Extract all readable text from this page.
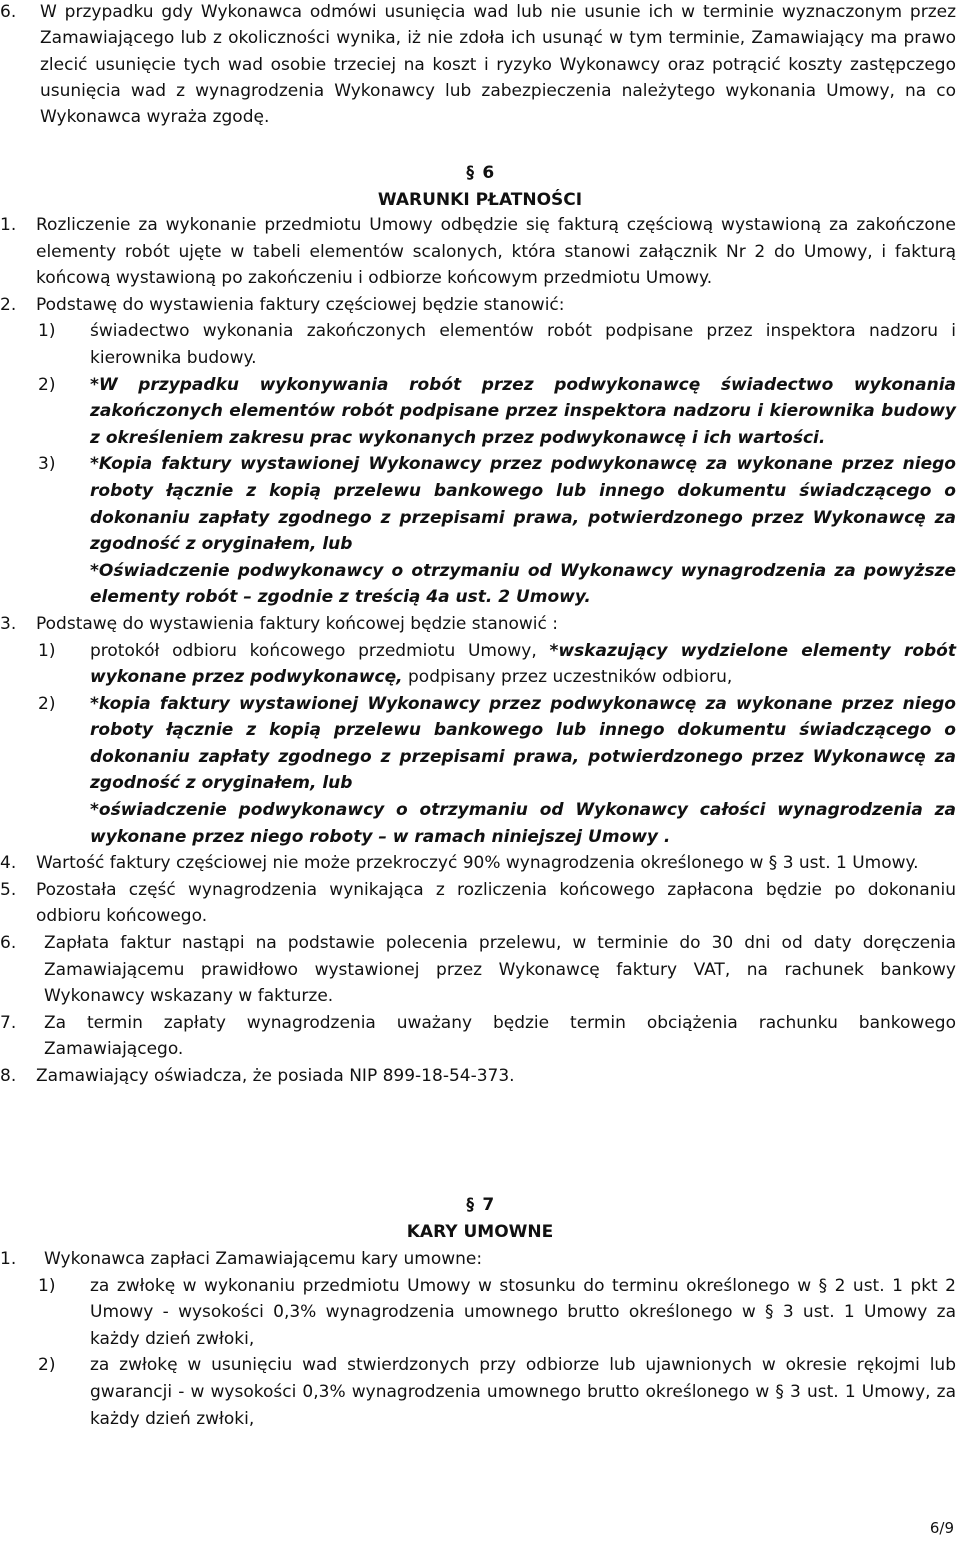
6. W przypadku gdy Wykonawca odmówi usunięcia wad lub nie usunie ich w terminie wyznaczonym przez Zamawiającego lub z okoliczności wynika, iż nie zdoła ich usunąć w tym terminie, Zamawiający ma prawo zlecić usunięcie tych wad osobie trzeciej na koszt i ryzyko Wykonawcy oraz potrącić koszty zastępczego usunięcia wad z wynagrodzenia Wykonawcy lub zabezpieczenia należytego wykonania Umowy, na co Wykonawca wyraża zgodę.
§ 6
WARUNKI PŁATNOŚCI
1. Rozliczenie za wykonanie przedmiotu Umowy odbędzie się fakturą częściową wystawioną za zakończone elementy robót ujęte w tabeli elementów scalonych, która stanowi załącznik Nr 2 do Umowy, i fakturą końcową wystawioną po zakończeniu i odbiorze końcowym przedmiotu Umowy.
2. Podstawę do wystawienia faktury częściowej będzie stanowić:
1) świadectwo wykonania zakończonych elementów robót podpisane przez inspektora nadzoru i kierownika budowy.
2) *W przypadku wykonywania robót przez podwykonawcę świadectwo wykonania zakończonych elementów robót podpisane przez inspektora nadzoru i kierownika budowy z określeniem zakresu prac wykonanych przez podwykonawcę i ich wartości.
3) *Kopia faktury wystawionej Wykonawcy przez podwykonawcę za wykonane przez niego roboty łącznie z kopią przelewu bankowego lub innego dokumentu świadczącego o dokonaniu zapłaty zgodnego z przepisami prawa, potwierdzonego przez Wykonawcę za zgodność z oryginałem, lub
*Oświadczenie podwykonawcy o otrzymaniu od Wykonawcy wynagrodzenia za powyższe elementy robót – zgodnie z treścią 4a ust. 2 Umowy.
3. Podstawę do wystawienia faktury końcowej będzie stanowić :
1) protokół odbioru końcowego przedmiotu Umowy, *wskazujący wydzielone elementy robót wykonane przez podwykonawcę, podpisany przez uczestników odbioru,
2) *kopia faktury wystawionej Wykonawcy przez podwykonawcę za wykonane przez niego roboty łącznie z kopią przelewu bankowego lub innego dokumentu świadczącego o dokonaniu zapłaty zgodnego z przepisami prawa, potwierdzonego przez Wykonawcę za zgodność z oryginałem, lub
*oświadczenie podwykonawcy o otrzymaniu od Wykonawcy całości wynagrodzenia za wykonane przez niego roboty – w ramach niniejszej Umowy .
4. Wartość faktury częściowej nie może przekroczyć 90% wynagrodzenia określonego w § 3 ust. 1 Umowy.
5. Pozostała część wynagrodzenia wynikająca z rozliczenia końcowego zapłacona będzie po dokonaniu odbioru końcowego.
6. Zapłata faktur nastąpi na podstawie polecenia przelewu, w terminie do 30 dni od daty doręczenia Zamawiającemu prawidłowo wystawionej przez Wykonawcę faktury VAT, na rachunek bankowy Wykonawcy wskazany w fakturze.
7. Za termin zapłaty wynagrodzenia uważany będzie termin obciążenia rachunku bankowego Zamawiającego.
8. Zamawiający oświadcza, że posiada NIP 899-18-54-373.
§ 7
KARY UMOWNE
1. Wykonawca zapłaci Zamawiającemu kary umowne:
1) za zwłokę w wykonaniu przedmiotu Umowy w stosunku do terminu określonego w § 2 ust. 1 pkt 2 Umowy - wysokości 0,3% wynagrodzenia umownego brutto określonego w § 3 ust. 1 Umowy za każdy dzień zwłoki,
2) za zwłokę w usunięciu wad stwierdzonych przy odbiorze lub ujawnionych w okresie rękojmi lub gwarancji - w wysokości 0,3% wynagrodzenia umownego brutto określonego w § 3 ust. 1 Umowy, za każdy dzień zwłoki,
6/9
